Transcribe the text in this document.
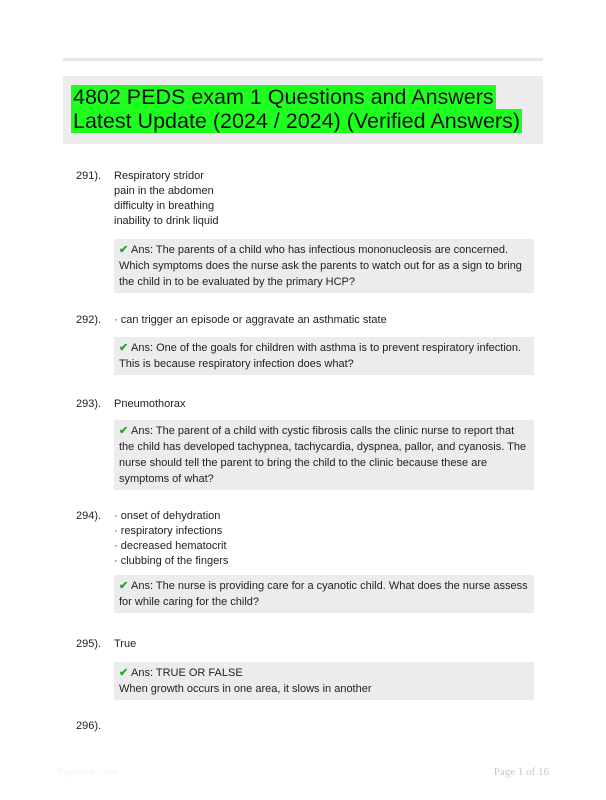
4802 PEDS exam 1 Questions and Answers
Latest Update (2024 / 2024) (Verified Answers)
291). Respiratory stridor
pain in the abdomen
difficulty in breathing
inability to drink liquid

✔ Ans: The parents of a child who has infectious mononucleosis are concerned. Which symptoms does the nurse ask the parents to watch out for as a sign to bring the child in to be evaluated by the primary HCP?

292). · can trigger an episode or aggravate an asthmatic state

✔ Ans: One of the goals for children with asthma is to prevent respiratory infection. This is because respiratory infection does what?

293). Pneumothorax

✔ Ans: The parent of a child with cystic fibrosis calls the clinic nurse to report that the child has developed tachypnea, tachycardia, dyspnea, pallor, and cyanosis. The nurse should tell the parent to bring the child to the clinic because these are symptoms of what?

294). · onset of dehydration
· respiratory infections
· decreased hematocrit
· clubbing of the fingers

✔ Ans: The nurse is providing care for a cyanotic child. What does the nurse assess for while caring for the child?

295). True

✔ Ans: TRUE OR FALSE

When growth occurs in one area, it slows in another

296).
Paperbtdc.com	Page 1 of 16
